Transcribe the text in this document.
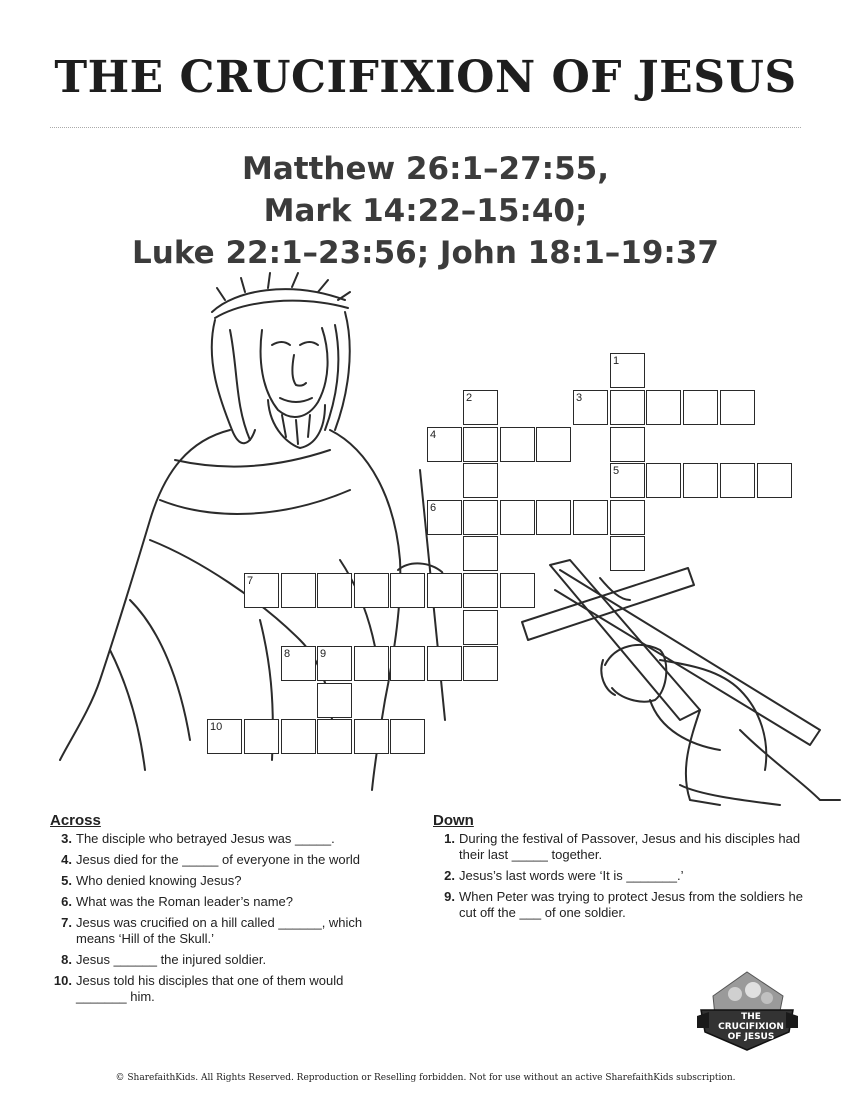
THE CRUCIFIXION OF JESUS
Matthew 26:1–27:55,
Mark 14:22–15:40;
Luke 22:1–23:56; John 18:1–19:37
1
2	3
4
5
6
7
8	9
10
Across
3. The disciple who betrayed Jesus was _____.
4. Jesus died for the _____ of everyone in the world
5. Who denied knowing Jesus?
6. What was the Roman leader’s name?
7. Jesus was crucified on a hill called ______, which means ‘Hill of the Skull.’
8. Jesus ______ the injured soldier.
10. Jesus told his disciples that one of them would _______ him.
Down
1. During the festival of Passover, Jesus and his disciples had their last _____ together.
2. Jesus’s last words were ‘It is _______.’
9. When Peter was trying to protect Jesus from the soldiers he cut off the ___ of one soldier.
THE CRUCIFIXION
OF JESUS
© SharefaithKids. All Rights Reserved. Reproduction or Reselling forbidden. Not for use without an active SharefaithKids subscription.
